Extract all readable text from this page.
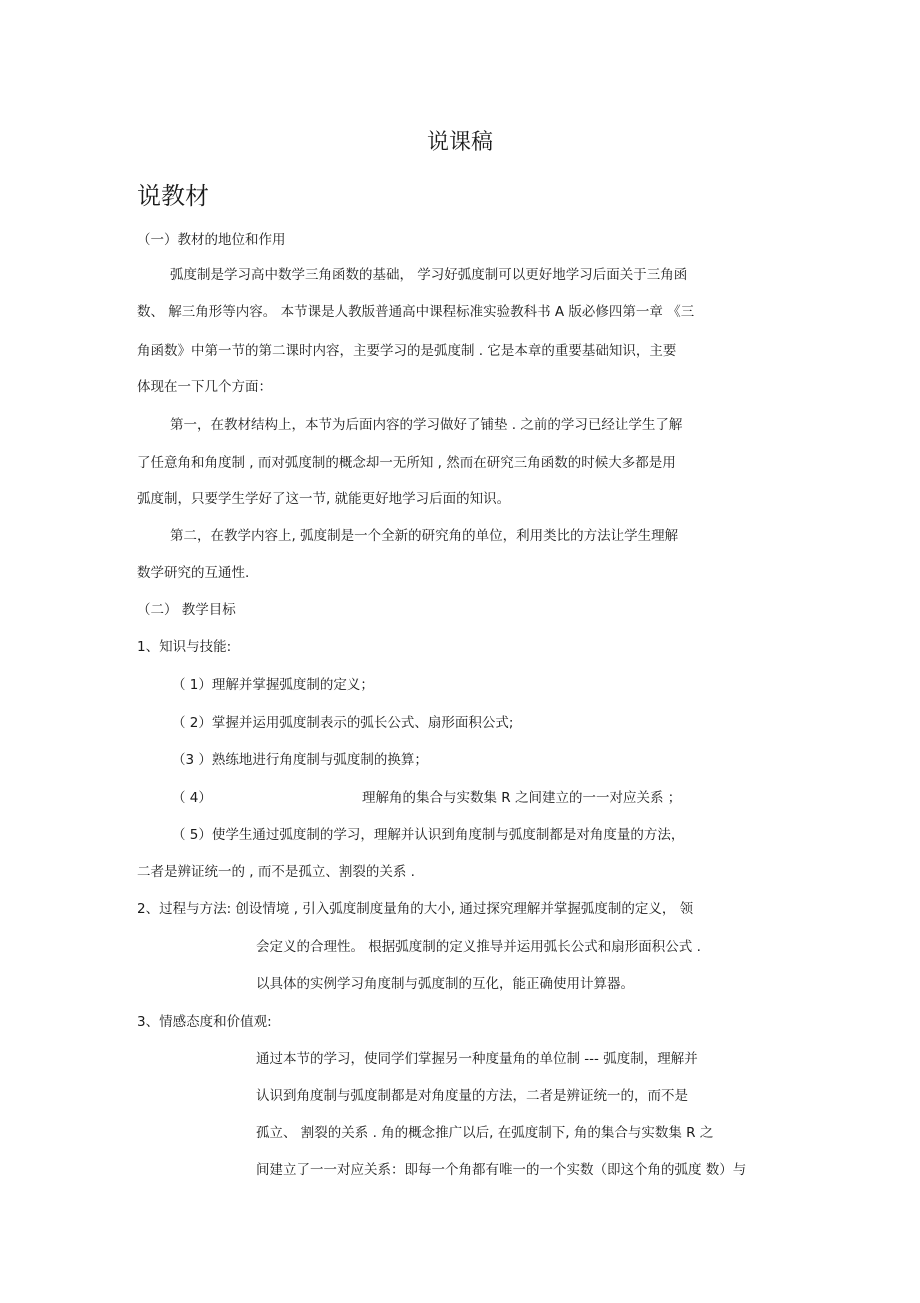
说课稿
说教材
（一）教材的地位和作用
弧度制是学习高中数学三角函数的基础， 学习好弧度制可以更好地学习后面关于三角函
数、 解三角形等内容。 本节课是人教版普通高中课程标准实验教科书 A 版必修四第一章 《三
角函数》中第一节的第二课时内容，主要学习的是弧度制 . 它是本章的重要基础知识，主要
体现在一下几个方面：
第一，在教材结构上，本节为后面内容的学习做好了铺垫 . 之前的学习已经让学生了解
了任意角和角度制 , 而对弧度制的概念却一无所知 , 然而在研究三角函数的时候大多都是用
弧度制，只要学生学好了这一节, 就能更好地学习后面的知识。
第二，在教学内容上, 弧度制是一个全新的研究角的单位，利用类比的方法让学生理解
数学研究的互通性.
（二） 教学目标
1、知识与技能:
（ 1）理解并掌握弧度制的定义；
（ 2）掌握并运用弧度制表示的弧长公式、扇形面积公式;
（3 ）熟练地进行角度制与弧度制的换算；
（ 4）	理解角的集合与实数集 R 之间建立的一一对应关系 ；
（ 5）使学生通过弧度制的学习，理解并认识到角度制与弧度制都是对角度量的方法，
二者是辨证统一的 , 而不是孤立、割裂的关系 .
2、过程与方法: 创设情境 , 引入弧度制度量角的大小, 通过探究理解并掌握弧度制的定义， 领
会定义的合理性。 根据弧度制的定义推导并运用弧长公式和扇形面积公式 .
以具体的实例学习角度制与弧度制的互化，能正确使用计算器。
3、情感态度和价值观:
通过本节的学习，使同学们掌握另一种度量角的单位制 --- 弧度制，理解并
认识到角度制与弧度制都是对角度量的方法，二者是辨证统一的，而不是
孤立、 割裂的关系 . 角的概念推广以后, 在弧度制下, 角的集合与实数集 R 之
间建立了一一对应关系：即每一个角都有唯一的一个实数（即这个角的弧度 数）与
